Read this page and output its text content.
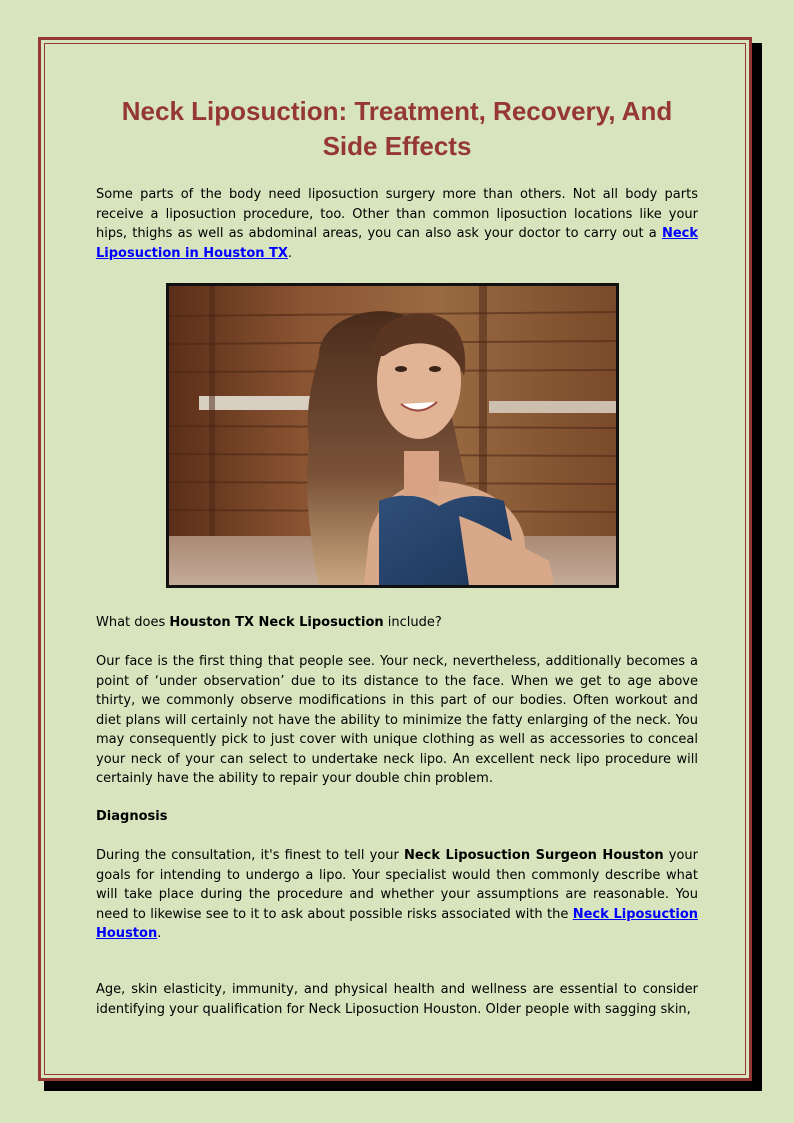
Neck Liposuction: Treatment, Recovery, And Side Effects

Some parts of the body need liposuction surgery more than others. Not all body parts receive a liposuction procedure, too. Other than common liposuction locations like your hips, thighs as well as abdominal areas, you can also ask your doctor to carry out a Neck Liposuction in Houston TX.

What does Houston TX Neck Liposuction include?

Our face is the first thing that people see. Your neck, nevertheless, additionally becomes a point of ‘under observation’ due to its distance to the face. When we get to age above thirty, we commonly observe modifications in this part of our bodies. Often workout and diet plans will certainly not have the ability to minimize the fatty enlarging of the neck. You may consequently pick to just cover with unique clothing as well as accessories to conceal your neck of your can select to undertake neck lipo. An excellent neck lipo procedure will certainly have the ability to repair your double chin problem.

Diagnosis

During the consultation, it's finest to tell your Neck Liposuction Surgeon Houston your goals for intending to undergo a lipo. Your specialist would then commonly describe what will take place during the procedure and whether your assumptions are reasonable. You need to likewise see to it to ask about possible risks associated with the Neck Liposuction Houston.

Age, skin elasticity, immunity, and physical health and wellness are essential to consider identifying your qualification for Neck Liposuction Houston. Older people with sagging skin,
